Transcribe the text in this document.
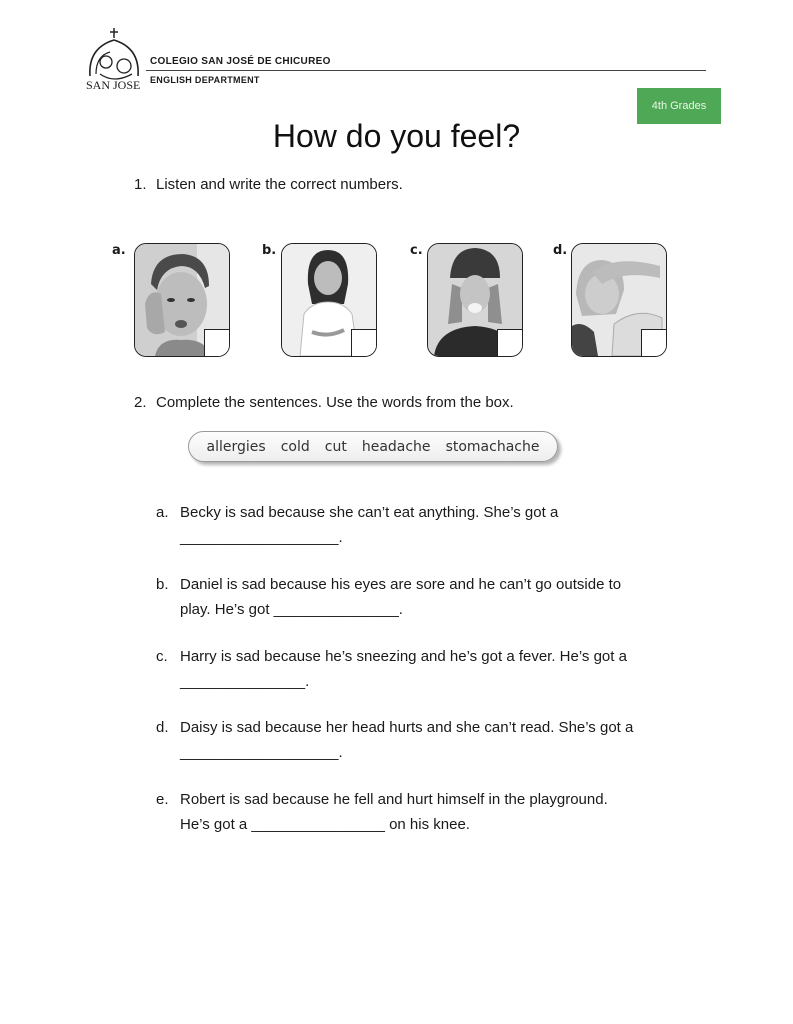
SAN JOSE
COLEGIO SAN JOSÉ DE CHICUREO
ENGLISH DEPARTMENT
4th Grades
How do you feel?
1. Listen and write the correct numbers.
a.	b.	c.	d.
2. Complete the sentences. Use the words from the box.
allergies cold cut headache stomachache
a. Becky is sad because she can’t eat anything. She’s got a
___________________.
b. Daniel is sad because his eyes are sore and he can’t go outside to
play. He’s got _______________.
c. Harry is sad because he’s sneezing and he’s got a fever. He’s got a
_______________.
d. Daisy is sad because her head hurts and she can’t read. She’s got a
___________________.
e. Robert is sad because he fell and hurt himself in the playground.
He’s got a ________________ on his knee.
